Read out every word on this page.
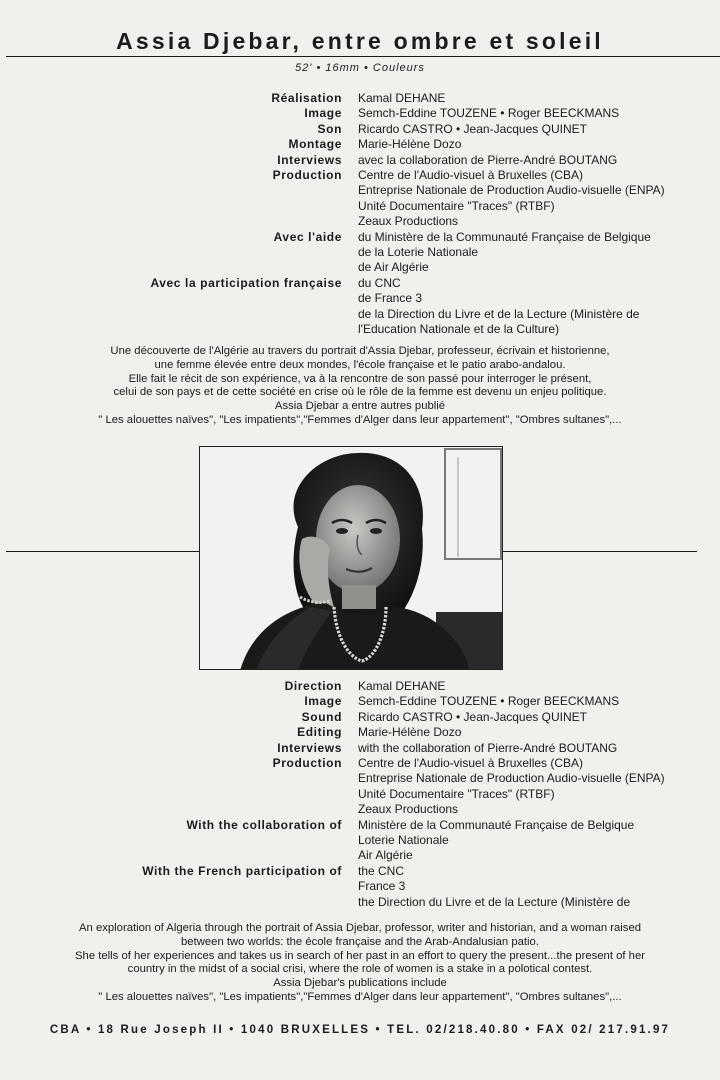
Assia Djebar, entre ombre et soleil
52' • 16mm • Couleurs
Réalisation	Kamal DEHANE
Image	Semch-Eddine TOUZENE • Roger BEECKMANS
Son	Ricardo CASTRO • Jean-Jacques QUINET
Montage	Marie-Hélène Dozo
Interviews	avec la collaboration de Pierre-André BOUTANG
Production	Centre de l'Audio-visuel à Bruxelles (CBA)
Entreprise Nationale de Production Audio-visuelle (ENPA)
Unité Documentaire "Traces" (RTBF)
Zeaux Productions
Avec l'aide	du Ministère de la Communauté Française de Belgique
de la Loterie Nationale
de Air Algérie
Avec la participation française	du CNC
de France 3
de la Direction du Livre et de la Lecture (Ministère de
l'Education Nationale et de la Culture)
Une découverte de l'Algérie au travers du portrait d'Assia Djebar, professeur, écrivain et historienne,
une femme élevée entre deux mondes, l'école française et le patio arabo-andalou.
Elle fait le récit de son expérience, va à la rencontre de son passé pour interroger le présent,
celui de son pays et de cette société en crise où le rôle de la femme est devenu un enjeu politique.
Assia Djebar a entre autres publié
" Les alouettes naïves", "Les impatients","Femmes d'Alger dans leur appartement", "Ombres sultanes",...
Direction	Kamal DEHANE
Image	Semch-Eddine TOUZENE • Roger BEECKMANS
Sound	Ricardo CASTRO • Jean-Jacques QUINET
Editing	Marie-Hélène Dozo
Interviews	with the collaboration of Pierre-André BOUTANG
Production	Centre de l'Audio-visuel à Bruxelles (CBA)
Entreprise Nationale de Production Audio-visuelle (ENPA)
Unité Documentaire "Traces" (RTBF)
Zeaux Productions
With the collaboration of	Ministère de la Communauté Française de Belgique
Loterie Nationale
Air Algérie
With the French participation of	the CNC
France 3
the Direction du Livre et de la Lecture (Ministère de
An exploration of Algeria through the portrait of Assia Djebar, professor, writer and historian, and a woman raised
between two worlds: the école française and the Arab-Andalusian patio.
She tells of her experiences and takes us in search of her past in an effort to query the present...the present of her
country in the midst of a social crisi, where the role of women is a stake in a polotical contest.
Assia Djebar's publications include
" Les alouettes naïves", "Les impatients","Femmes d'Alger dans leur appartement", "Ombres sultanes",...
CBA • 18 Rue Joseph II • 1040 BRUXELLES • TEL. 02/218.40.80 • FAX 02/ 217.91.97
